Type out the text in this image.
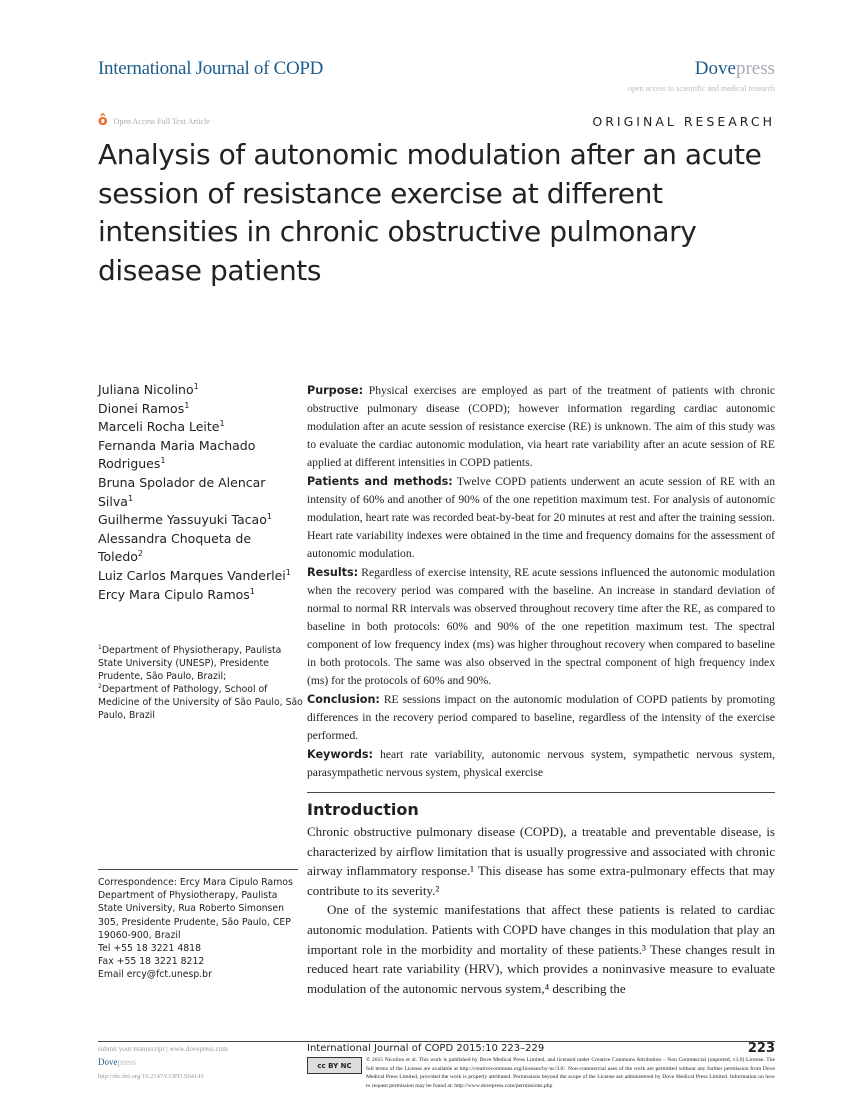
International Journal of COPD	Dovepress
open access to scientific and medical research
ô Open Access Full Text Article	ORIGINAL RESEARCH
Analysis of autonomic modulation after an acute session of resistance exercise at different intensities in chronic obstructive pulmonary disease patients
Juliana Nicolino$^1$
Dionei Ramos$^1$
Marceli Rocha Leite$^1$
Fernanda Maria Machado Rodrigues$^1$
Bruna Spolador de Alencar Silva$^1$
Guilherme Yassuyuki Tacao$^1$
Alessandra Choqueta de Toledo$^2$
Luiz Carlos Marques Vanderlei$^1$
Ercy Mara Cipulo Ramos$^1$
$^1$Department of Physiotherapy, Paulista State University (UNESP), Presidente Prudente, São Paulo, Brazil;
$^2$Department of Pathology, School of Medicine of the University of São Paulo, São Paulo, Brazil
Correspondence: Ercy Mara Cipulo Ramos
Department of Physiotherapy, Paulista State University, Rua Roberto Simonsen 305, Presidente Prudente, São Paulo, CEP 19060-900, Brazil
Tel +55 18 3221 4818
Fax +55 18 3221 8212
Email ercy@fct.unesp.br

Purpose: Physical exercises are employed as part of the treatment of patients with chronic obstructive pulmonary disease (COPD); however information regarding cardiac autonomic modulation after an acute session of resistance exercise (RE) is unknown. The aim of this study was to evaluate the cardiac autonomic modulation, via heart rate variability after an acute session of RE applied at different intensities in COPD patients.

Patients and methods: Twelve COPD patients underwent an acute session of RE with an intensity of 60% and another of 90% of the one repetition maximum test. For analysis of autonomic modulation, heart rate was recorded beat-by-beat for 20 minutes at rest and after the training session. Heart rate variability indexes were obtained in the time and frequency domains for the assessment of autonomic modulation.

Results: Regardless of exercise intensity, RE acute sessions influenced the autonomic modulation when the recovery period was compared with the baseline. An increase in standard deviation of normal to normal RR intervals was observed throughout recovery time after the RE, as compared to baseline in both protocols: 60% and 90% of the one repetition maximum test. The spectral component of low frequency index (ms) was higher throughout recovery when compared to baseline in both protocols. The same was also observed in the spectral component of high frequency index (ms) for the protocols of 60% and 90%.

Conclusion: RE sessions impact on the autonomic modulation of COPD patients by promoting differences in the recovery period compared to baseline, regardless of the intensity of the exercise performed.

Keywords: heart rate variability, autonomic nervous system, sympathetic nervous system, parasympathetic nervous system, physical exercise

Introduction

Chronic obstructive pulmonary disease (COPD), a treatable and preventable disease, is characterized by airflow limitation that is usually progressive and associated with chronic airway inflammatory response.¹ This disease has some extra-pulmonary effects that may contribute to its severity.²

One of the systemic manifestations that affect these patients is related to cardiac autonomic modulation. Patients with COPD have changes in this modulation that play an important role in the morbidity and mortality of these patients.³ These changes result in reduced heart rate variability (HRV), which provides a noninvasive measure to evaluate modulation of the autonomic nervous system,⁴ describing the

submit your manuscript | www.dovepress.com
Dovepress
http://dx.doi.org/10.2147/COPD.S64145
International Journal of COPD 2015:10 223–229	223
cc BY NC
© 2015 Nicolino et al. This work is published by Dove Medical Press Limited, and licensed under Creative Commons Attribution – Non Commercial (unported, v3.0) License. The full terms of the License are available at http://creativecommons.org/licenses/by-nc/3.0/. Non-commercial uses of the work are permitted without any further permission from Dove Medical Press Limited, provided the work is properly attributed. Permissions beyond the scope of the License are administered by Dove Medical Press Limited. Information on how to request permission may be found at: http://www.dovepress.com/permissions.php
